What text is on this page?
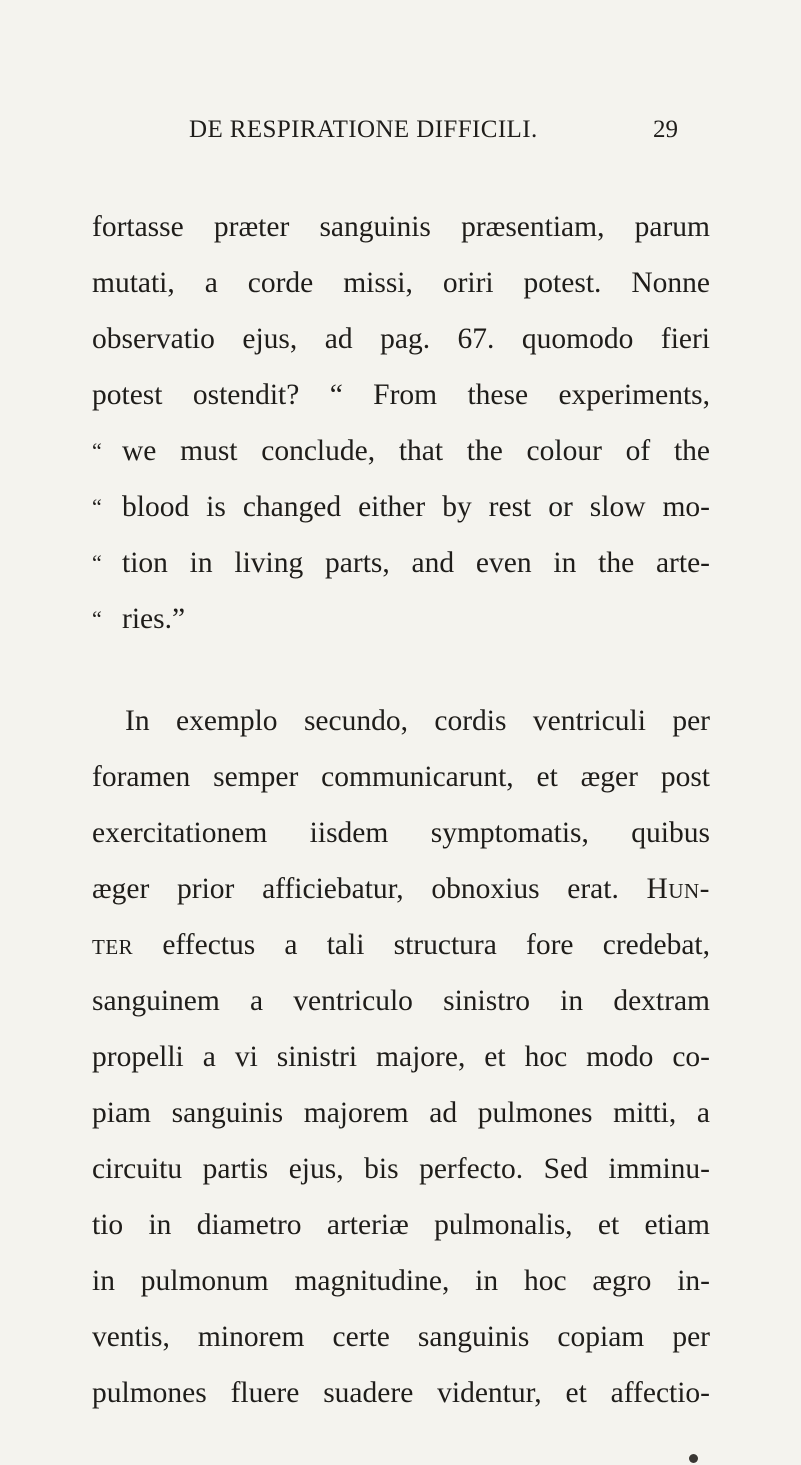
DE RESPIRATIONE DIFFICILI.	29
fortasse præter sanguinis præsentiam, parum
mutati, a corde missi, oriri potest. Nonne
observatio ejus, ad pag. 67. quomodo fieri
potest ostendit? “ From these experiments,
“ we must conclude, that the colour of the
“ blood is changed either by rest or slow mo-
“ tion in living parts, and even in the arte-
“ ries.”
In exemplo secundo, cordis ventriculi per
foramen semper communicarunt, et æger post
exercitationem iisdem symptomatis, quibus
æger prior afficiebatur, obnoxius erat. Hun-
ter effectus a tali structura fore credebat,
sanguinem a ventriculo sinistro in dextram
propelli a vi sinistri majore, et hoc modo co-
piam sanguinis majorem ad pulmones mitti, a
circuitu partis ejus, bis perfecto. Sed imminu-
tio in diametro arteriæ pulmonalis, et etiam
in pulmonum magnitudine, in hoc ægro in-
ventis, minorem certe sanguinis copiam per
pulmones fluere suadere videntur, et affectio-
